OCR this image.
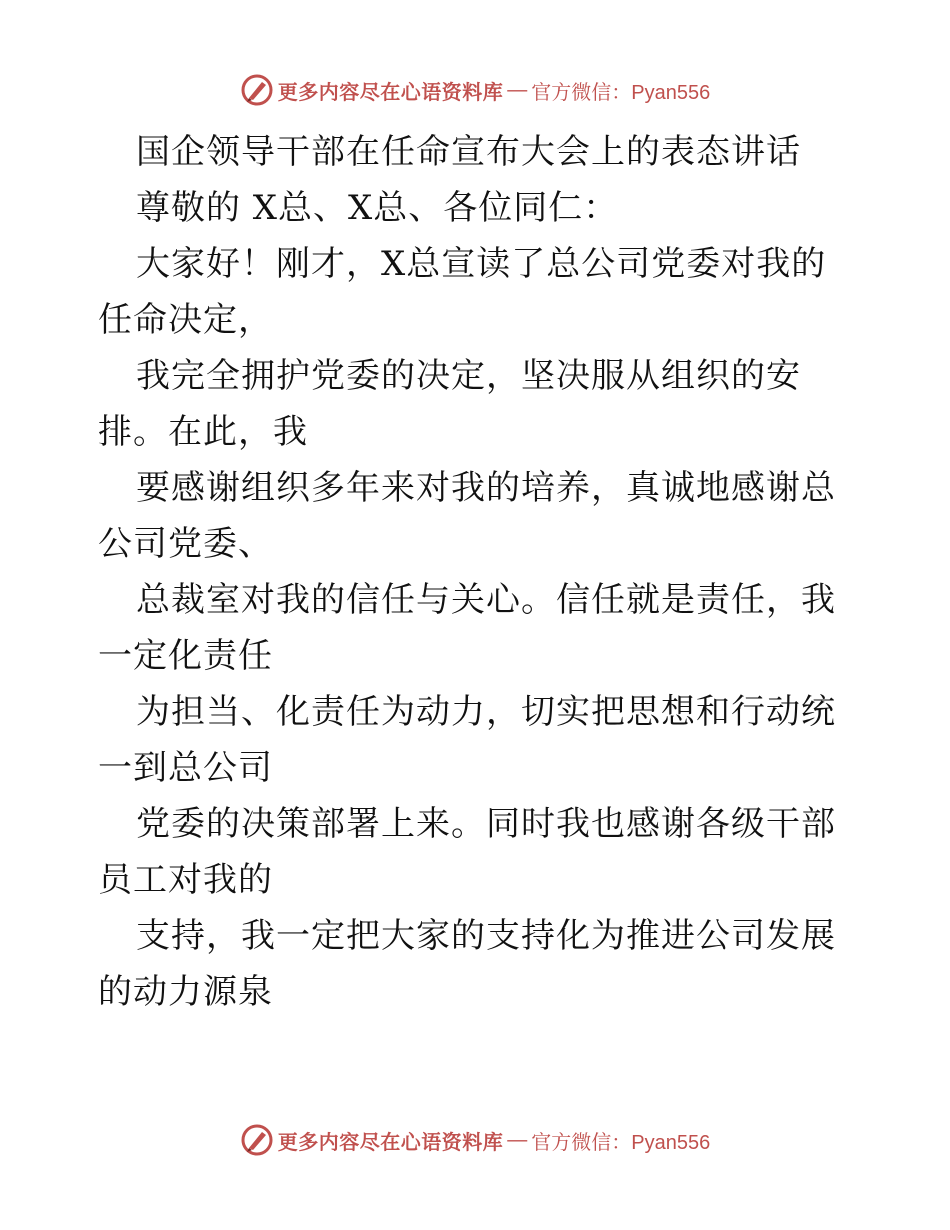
更多内容尽在心语资料库 — 官方微信：Pyan556

国企领导干部在任命宣布大会上的表态讲话

尊敬的 X总、X总、各位同仁：

大家好！刚才，X总宣读了总公司党委对我的任命决定，

我完全拥护党委的决定，坚决服从组织的安排。在此，我

要感谢组织多年来对我的培养，真诚地感谢总公司党委、

总裁室对我的信任与关心。信任就是责任，我一定化责任

为担当、化责任为动力，切实把思想和行动统一到总公司

党委的决策部署上来。同时我也感谢各级干部员工对我的

支持，我一定把大家的支持化为推进公司发展的动力源泉

更多内容尽在心语资料库 — 官方微信：Pyan556
